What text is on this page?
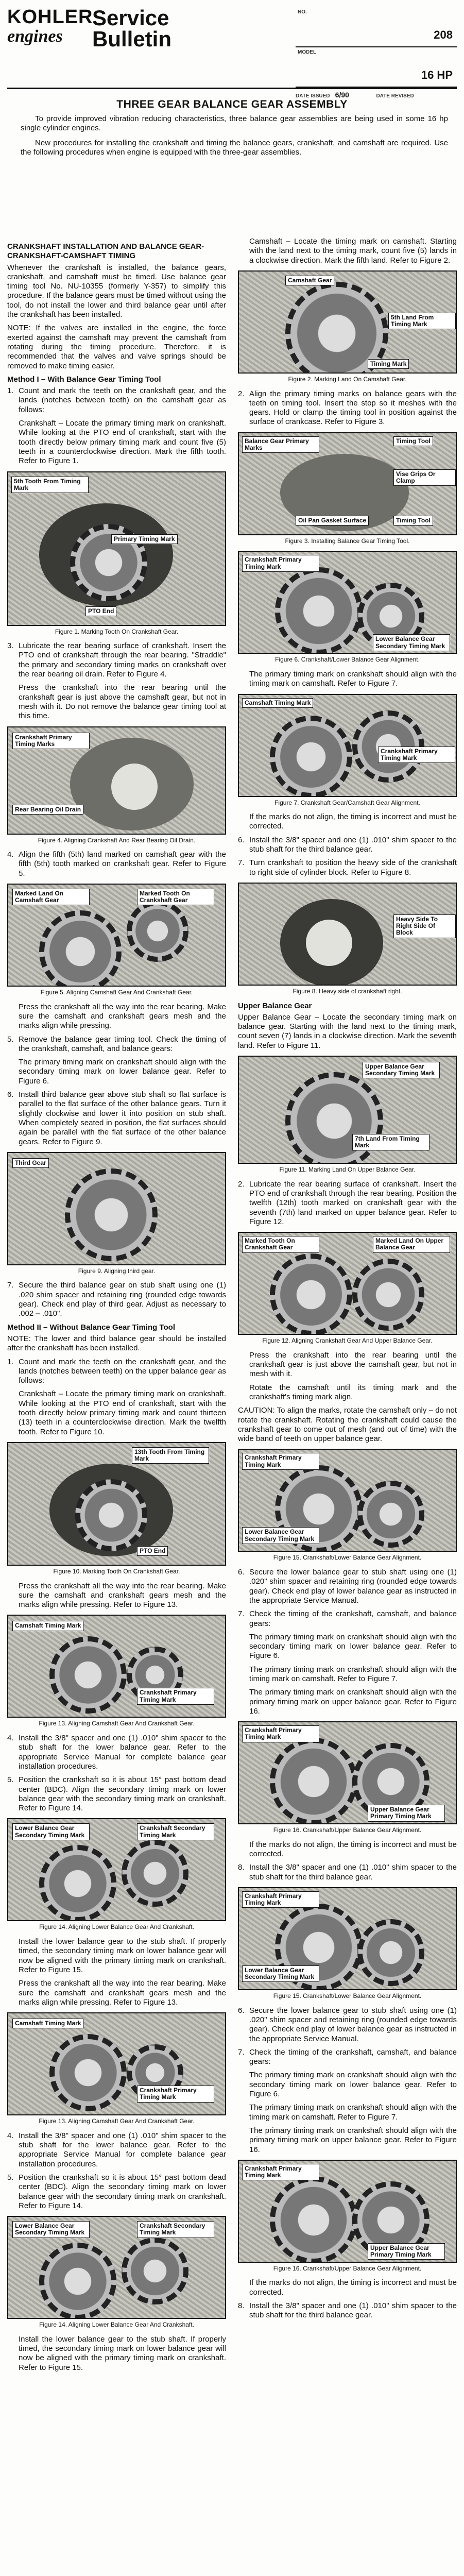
KOHLER
engines
Service
Bulletin
NO.
208
MODEL
16 HP
DATE ISSUED 6/90	DATE REVISED
THREE GEAR BALANCE GEAR ASSEMBLY

To provide improved vibration reducing characteristics, three balance gear assemblies are being used in some 16 hp single cylinder engines.

New procedures for installing the crankshaft and timing the balance gears, crankshaft, and camshaft are required. Use the following procedures when engine is equipped with the three-gear assemblies.

CRANKSHAFT INSTALLATION AND BALANCE GEAR-CRANKSHAFT-CAMSHAFT TIMING

Whenever the crankshaft is installed, the balance gears, crankshaft, and camshaft must be timed. Use balance gear timing tool No. NU-10355 (formerly Y-357) to simplify this procedure. If the balance gears must be timed without using the tool, do not install the lower and third balance gear until after the crankshaft has been installed.

NOTE: If the valves are installed in the engine, the force exerted against the camshaft may prevent the camshaft from rotating during the timing procedure. Therefore, it is recommended that the valves and valve springs should be removed to make timing easier.

Method I – With Balance Gear Timing Tool
1. Count and mark the teeth on the crankshaft gear, and the lands (notches between teeth) on the camshaft gear as follows:

Crankshaft – Locate the primary timing mark on crankshaft. While looking at the PTO end of crankshaft, start with the tooth directly below primary timing mark and count five (5) teeth in a counterclockwise direction. Mark the fifth tooth. Refer to Figure 1.

5th Tooth From Timing Mark
Primary Timing Mark
PTO End
Figure 1. Marking Tooth On Crankshaft Gear.
3. Lubricate the rear bearing surface of crankshaft. Insert the PTO end of crankshaft through the rear bearing. "Straddle" the primary and secondary timing marks on crankshaft over the rear bearing oil drain. Refer to Figure 4.

Press the crankshaft into the rear bearing until the crankshaft gear is just above the camshaft gear, but not in mesh with it. Do not remove the balance gear timing tool at this time.

Crankshaft Primary Timing Marks
Rear Bearing Oil Drain
Figure 4. Aligning Crankshaft And Rear Bearing Oil Drain.
4. Align the fifth (5th) land marked on camshaft gear with the fifth (5th) tooth marked on crankshaft gear. Refer to Figure 5.
Marked Land On Camshaft Gear
Marked Tooth On Crankshaft Gear
Figure 5. Aligning Camshaft Gear And Crankshaft Gear.

Press the crankshaft all the way into the rear bearing. Make sure the camshaft and crankshaft gears mesh and the marks align while pressing.

5. Remove the balance gear timing tool. Check the timing of the crankshaft, camshaft, and balance gears:

The primary timing mark on crankshaft should align with the secondary timing mark on lower balance gear. Refer to Figure 6.

6. Install third balance gear above stub shaft so flat surface is parallel to the flat surface of the other balance gears. Turn it slightly clockwise and lower it into position on stub shaft. When completely seated in position, the flat surfaces should again be parallel with the flat surface of the other balance gears. Refer to Figure 9.
Third Gear
Figure 9. Aligning third gear.
7. Secure the third balance gear on stub shaft using one (1) .020 shim spacer and retaining ring (rounded edge towards gear). Check end play of third gear. Adjust as necessary to .002 – .010".
Method II – Without Balance Gear Timing Tool

NOTE: The lower and third balance gear should be installed after the crankshaft has been installed.

1. Count and mark the teeth on the crankshaft gear, and the lands (notches between teeth) on the upper balance gear as follows:

Crankshaft – Locate the primary timing mark on crankshaft. While looking at the PTO end of crankshaft, start with the tooth directly below primary timing mark and count thirteen (13) teeth in a counterclockwise direction. Mark the twelfth tooth. Refer to Figure 10.

13th Tooth From Timing Mark
PTO End
Figure 10. Marking Tooth On Crankshaft Gear.

Press the crankshaft all the way into the rear bearing. Make sure the camshaft and crankshaft gears mesh and the marks align while pressing. Refer to Figure 13.

Camshaft Timing Mark
Crankshaft Primary Timing Mark
Figure 13. Aligning Camshaft Gear And Crankshaft Gear.
4. Install the 3/8" spacer and one (1) .010" shim spacer to the stub shaft for the lower balance gear. Refer to the appropriate Service Manual for complete balance gear installation procedures.
5. Position the crankshaft so it is about 15° past bottom dead center (BDC). Align the secondary timing mark on lower balance gear with the secondary timing mark on crankshaft. Refer to Figure 14.
Lower Balance Gear Secondary Timing Mark
Crankshaft Secondary Timing Mark
Figure 14. Aligning Lower Balance Gear And Crankshaft.

Install the lower balance gear to the stub shaft. If properly timed, the secondary timing mark on lower balance gear will now be aligned with the primary timing mark on crankshaft. Refer to Figure 15.

Press the crankshaft all the way into the rear bearing. Make sure the camshaft and crankshaft gears mesh and the marks align while pressing. Refer to Figure 13.

Camshaft Timing Mark
Crankshaft Primary Timing Mark
Figure 13. Aligning Camshaft Gear And Crankshaft Gear.
4. Install the 3/8" spacer and one (1) .010" shim spacer to the stub shaft for the lower balance gear. Refer to the appropriate Service Manual for complete balance gear installation procedures.
5. Position the crankshaft so it is about 15° past bottom dead center (BDC). Align the secondary timing mark on lower balance gear with the secondary timing mark on crankshaft. Refer to Figure 14.
Lower Balance Gear Secondary Timing Mark
Crankshaft Secondary Timing Mark
Figure 14. Aligning Lower Balance Gear And Crankshaft.

Install the lower balance gear to the stub shaft. If properly timed, the secondary timing mark on lower balance gear will now be aligned with the primary timing mark on crankshaft. Refer to Figure 15.

Camshaft – Locate the timing mark on camshaft. Starting with the land next to the timing mark, count five (5) lands in a clockwise direction. Mark the fifth land. Refer to Figure 2.

Camshaft Gear
5th Land From Timing Mark
Timing Mark
Figure 2. Marking Land On Camshaft Gear.
2. Align the primary timing marks on balance gears with the teeth on timing tool. Insert the stop so it meshes with the gears. Hold or clamp the timing tool in position against the surface of crankcase. Refer to Figure 3.
Balance Gear Primary Marks
Timing Tool
Vise Grips Or Clamp
Oil Pan Gasket Surface	Timing Tool
Figure 3. Installing Balance Gear Timing Tool.
Crankshaft Primary Timing Mark
Lower Balance Gear Secondary Timing Mark
Figure 6. Crankshaft/Lower Balance Gear Alignment.

The primary timing mark on crankshaft should align with the timing mark on camshaft. Refer to Figure 7.

Camshaft Timing Mark
Crankshaft Primary Timing Mark
Figure 7. Crankshaft Gear/Camshaft Gear Alignment.

If the marks do not align, the timing is incorrect and must be corrected.

6. Install the 3/8" spacer and one (1) .010" shim spacer to the stub shaft for the third balance gear.
7. Turn crankshaft to position the heavy side of the crankshaft to right side of cylinder block. Refer to Figure 8.
Heavy Side To Right Side Of Block
Figure 8. Heavy side of crankshaft right.
Upper Balance Gear

Upper Balance Gear – Locate the secondary timing mark on balance gear. Starting with the land next to the timing mark, count seven (7) lands in a clockwise direction. Mark the seventh land. Refer to Figure 11.

Upper Balance Gear Secondary Timing Mark
7th Land From Timing Mark
Figure 11. Marking Land On Upper Balance Gear.
2. Lubricate the rear bearing surface of crankshaft. Insert the PTO end of crankshaft through the rear bearing. Position the twelfth (12th) tooth marked on crankshaft gear with the seventh (7th) land marked on upper balance gear. Refer to Figure 12.
Marked Tooth On Crankshaft Gear
Marked Land On Upper Balance Gear
Figure 12. Aligning Crankshaft Gear And Upper Balance Gear.

Press the crankshaft into the rear bearing until the crankshaft gear is just above the camshaft gear, but not in mesh with it.

Rotate the camshaft until its timing mark and the crankshaft's timing mark align.

CAUTION: To align the marks, rotate the camshaft only – do not rotate the crankshaft. Rotating the crankshaft could cause the crankshaft gear to come out of mesh (and out of time) with the wide band of teeth on upper balance gear.

Crankshaft Primary Timing Mark
Lower Balance Gear Secondary Timing Mark
Figure 15. Crankshaft/Lower Balance Gear Alignment.
6. Secure the lower balance gear to stub shaft using one (1) .020" shim spacer and retaining ring (rounded edge towards gear). Check end play of lower balance gear as instructed in the appropriate Service Manual.
7. Check the timing of the crankshaft, camshaft, and balance gears:

The primary timing mark on crankshaft should align with the secondary timing mark on lower balance gear. Refer to Figure 6.

The primary timing mark on crankshaft should align with the timing mark on camshaft. Refer to Figure 7.

The primary timing mark on crankshaft should align with the primary timing mark on upper balance gear. Refer to Figure 16.

Crankshaft Primary Timing Mark
Upper Balance Gear Primary Timing Mark
Figure 16. Crankshaft/Upper Balance Gear Alignment.

If the marks do not align, the timing is incorrect and must be corrected.

8. Install the 3/8" spacer and one (1) .010" shim spacer to the stub shaft for the third balance gear.
Crankshaft Primary Timing Mark
Lower Balance Gear Secondary Timing Mark
Figure 15. Crankshaft/Lower Balance Gear Alignment.
6. Secure the lower balance gear to stub shaft using one (1) .020" shim spacer and retaining ring (rounded edge towards gear). Check end play of lower balance gear as instructed in the appropriate Service Manual.
7. Check the timing of the crankshaft, camshaft, and balance gears:

The primary timing mark on crankshaft should align with the secondary timing mark on lower balance gear. Refer to Figure 6.

The primary timing mark on crankshaft should align with the timing mark on camshaft. Refer to Figure 7.

The primary timing mark on crankshaft should align with the primary timing mark on upper balance gear. Refer to Figure 16.

Crankshaft Primary Timing Mark
Upper Balance Gear Primary Timing Mark
Figure 16. Crankshaft/Upper Balance Gear Alignment.

If the marks do not align, the timing is incorrect and must be corrected.

8. Install the 3/8" spacer and one (1) .010" shim spacer to the stub shaft for the third balance gear.
